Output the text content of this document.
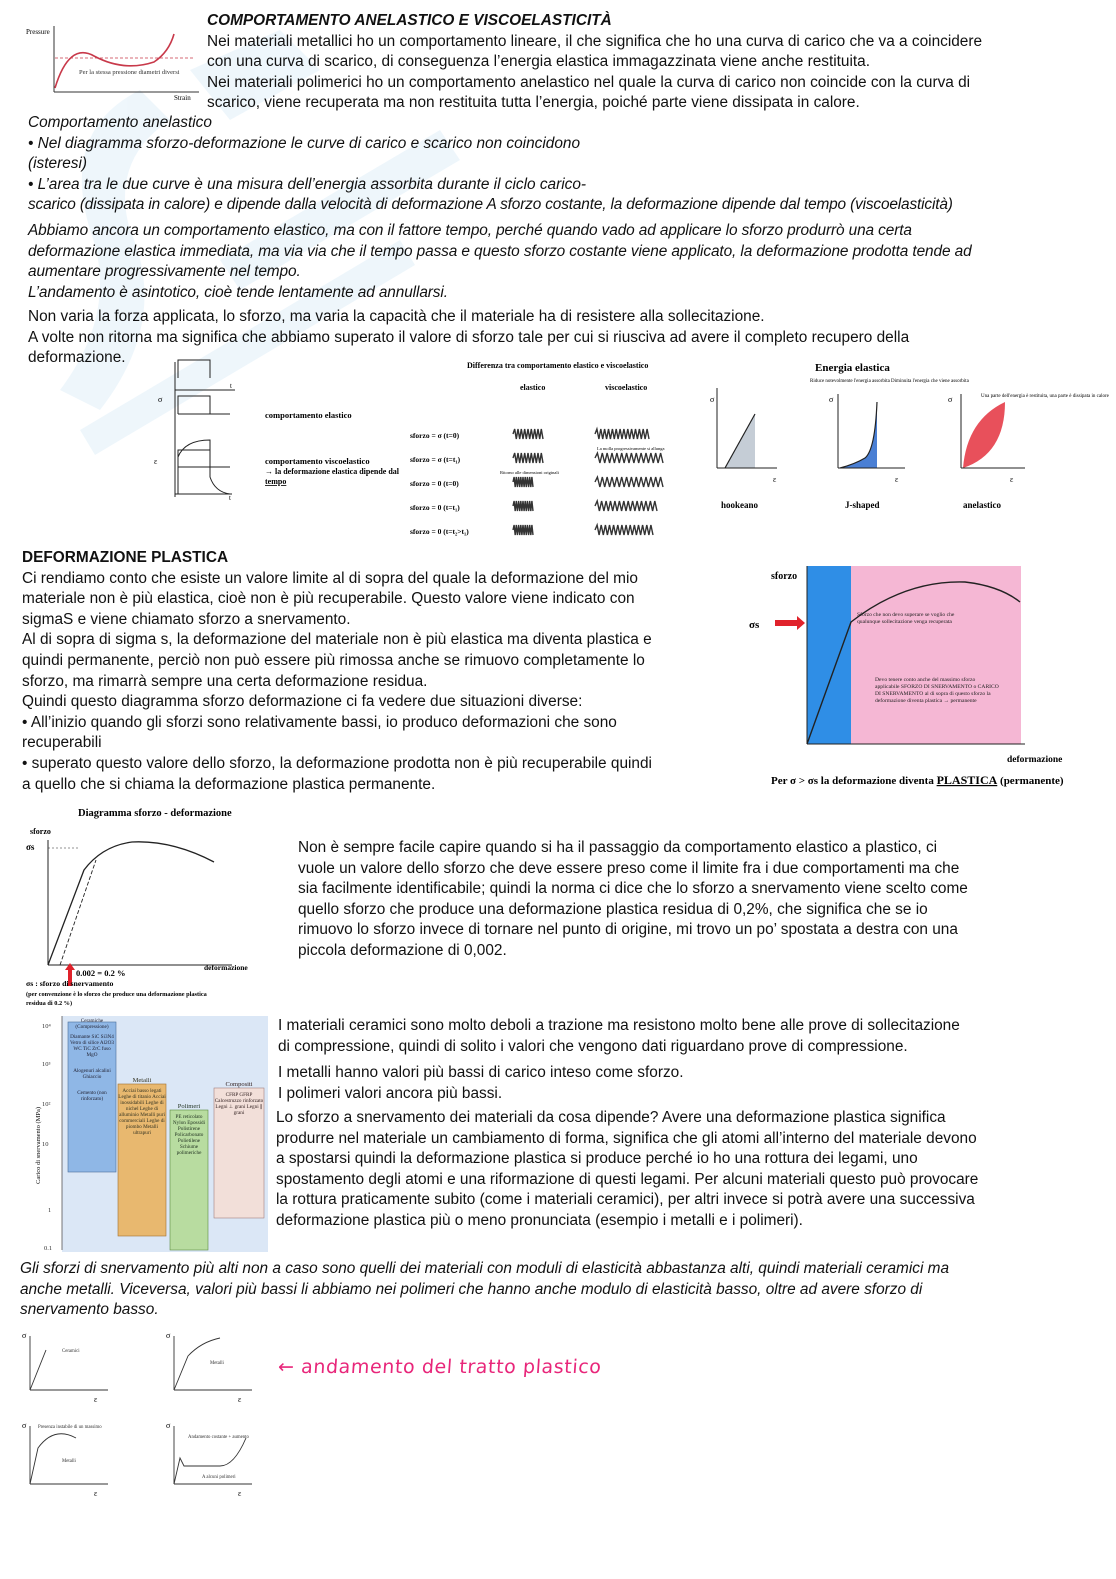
Pressure
Strain
Per la stessa pressione diametri diversi

COMPORTAMENTO ANELASTICO E VISCOELASTICITÀ

Nei materiali metallici ho un comportamento lineare, il che significa che ho una curva di carico che va a coincidere

con una curva di scarico, di conseguenza l’energia elastica immagazzinata viene anche restituita.

Nei materiali polimerici ho un comportamento anelastico nel quale la curva di carico non coincide con la curva di

scarico, viene recuperata ma non restituita tutta l’energia, poiché parte viene dissipata in calore.

Comportamento anelastico

• Nel diagramma sforzo-deformazione le curve di carico e scarico non coincidono

(isteresi)

• L’area tra le due curve è una misura dell’energia assorbita durante il ciclo carico-

scarico (dissipata in calore) e dipende dalla velocità di deformazione A sforzo costante, la deformazione dipende dal tempo (viscoelasticità)

Abbiamo ancora un comportamento elastico, ma con il fattore tempo, perché quando vado ad applicare lo sforzo produrrò una certa

deformazione elastica immediata, ma via via che il tempo passa e questo sforzo costante viene applicato, la deformazione prodotta tende ad

aumentare progressivamente nel tempo.

L’andamento è asintotico, cioè tende lentamente ad annullarsi.

Non varia la forza applicata, lo sforzo, ma varia la capacità che il materiale ha di resistere alla sollecitazione.

A volte non ritorna ma significa che abbiamo superato il valore di sforzo tale per cui si riusciva ad avere il completo recupero della

deformazione.

σ
ε
t
t
comportamento elastico
comportamento viscoelastico
→ la deformazione elastica dipende dal
tempo
Differenza tra comportamento elastico e viscoelastico
elastico	viscoelastico
sforzo = σ (t=0)
sforzo = σ (t=t₁)
sforzo = 0 (t=0)
sforzo = 0 (t=t₁)
sforzo = 0 (t=t₂>t₁)
La molla progressivamente si allunga
Ritorno alle dimensioni originali
Energia elastica
Riduce notevolmente l'energia assorbita Diminuita l'energia che viene assorbita
Una parte dell'energia è restituita, una parte è dissipata in calore
σ
ε
σ
ε
σ
ε
hookeano	J-shaped	anelastico

DEFORMAZIONE PLASTICA

Ci rendiamo conto che esiste un valore limite al di sopra del quale la deformazione del mio

materiale non è più elastica, cioè non è più recuperabile. Questo valore viene indicato con

sigmaS e viene chiamato sforzo a snervamento.

Al di sopra di sigma s, la deformazione del materiale non è più elastica ma diventa plastica e

quindi permanente, perciò non può essere più rimossa anche se rimuovo completamente lo

sforzo, ma rimarrà sempre una certa deformazione residua.

Quindi questo diagramma sforzo deformazione ci fa vedere due situazioni diverse:

• All’inizio quando gli sforzi sono relativamente bassi, io produco deformazioni che sono

recuperabili

• superato questo valore dello sforzo, la deformazione prodotta non è più recuperabile quindi

a quello che si chiama la deformazione plastica permanente.

sforzo
σs
deformazione
Sforzo che non devo superare se voglio che qualunque sollecitazione venga recuperata
Devo tenere conto anche del massimo sforzo applicabile SFORZO DI SNERVAMENTO o CARICO DI SNERVAMENTO al di sopra di questo sforzo la deformazione diventa plastica → permanente
Per σ > σs la deformazione diventa PLASTICA (permanente)
Diagramma sforzo - deformazione
sforzo
σs
0.002 = 0.2 %
deformazione
σs : sforzo di snervamento
(per convenzione è lo sforzo che produce una deformazione plastica
residua di 0.2 %)

Non è sempre facile capire quando si ha il passaggio da comportamento elastico a plastico, ci

vuole un valore dello sforzo che deve essere preso come il limite fra i due comportamenti ma che

sia facilmente identificabile; quindi la norma ci dice che lo sforzo a snervamento viene scelto come

quello sforzo che produce una deformazione plastica residua di 0,2%, che significa che se io

rimuovo lo sforzo invece di tornare nel punto di origine, mi trovo un po’ spostata a destra con una

piccola deformazione di 0,002.

10⁴
10³
10²
10
1
0.1
Carico di snervamento (MPa)
Ceramiche (Compressione)
Diamante SiC Si3N4 Vetro di silice Al2O3 WC TiC ZrC fuso MgO
Alogenuri alcalini Ghiaccio
Cemento (non rinforzato)
Metalli
Acciai basso legati Leghe di titanio Acciai inossidabili Leghe di nichel Leghe di alluminio Metalli puri commerciali Leghe di piombo Metalli ultrapuri
Polimeri
PE reticolato Nylon Epossidi Polistirene Policarbonato Polietilene Schiume polimeriche
Compositi
CFRP GFRP Calcestruzzo rinforzato Legni ⊥ grani Legni ∥ grani

I materiali ceramici sono molto deboli a trazione ma resistono molto bene alle prove di sollecitazione

di compressione, quindi di solito i valori che vengono dati riguardano prove di compressione.

I metalli hanno valori più bassi di carico inteso come sforzo.

I polimeri valori ancora più bassi.

Lo sforzo a snervamento dei materiali da cosa dipende? Avere una deformazione plastica significa

produrre nel materiale un cambiamento di forma, significa che gli atomi all’interno del materiale devono

a spostarsi quindi la deformazione plastica si produce perché io ho una rottura dei legami, uno

spostamento degli atomi e una riformazione di questi legami. Per alcuni materiali questo può provocare

la rottura praticamente subito (come i materiali ceramici), per altri invece si potrà avere una successiva

deformazione plastica più o meno pronunciata (esempio i metalli e i polimeri).

Gli sforzi di snervamento più alti non a caso sono quelli dei materiali con moduli di elasticità abbastanza alti, quindi materiali ceramici ma

anche metalli. Viceversa, valori più bassi li abbiamo nei polimeri che hanno anche modulo di elasticità basso, oltre ad avere sforzo di

snervamento basso.

σ	σ
σ	σ
ε	ε
ε	ε
Ceramici
Metalli
Presenza instabile di un massimo
Metalli
Andamento costante + aumento
A alcuni polimeri
← andamento del tratto plastico
